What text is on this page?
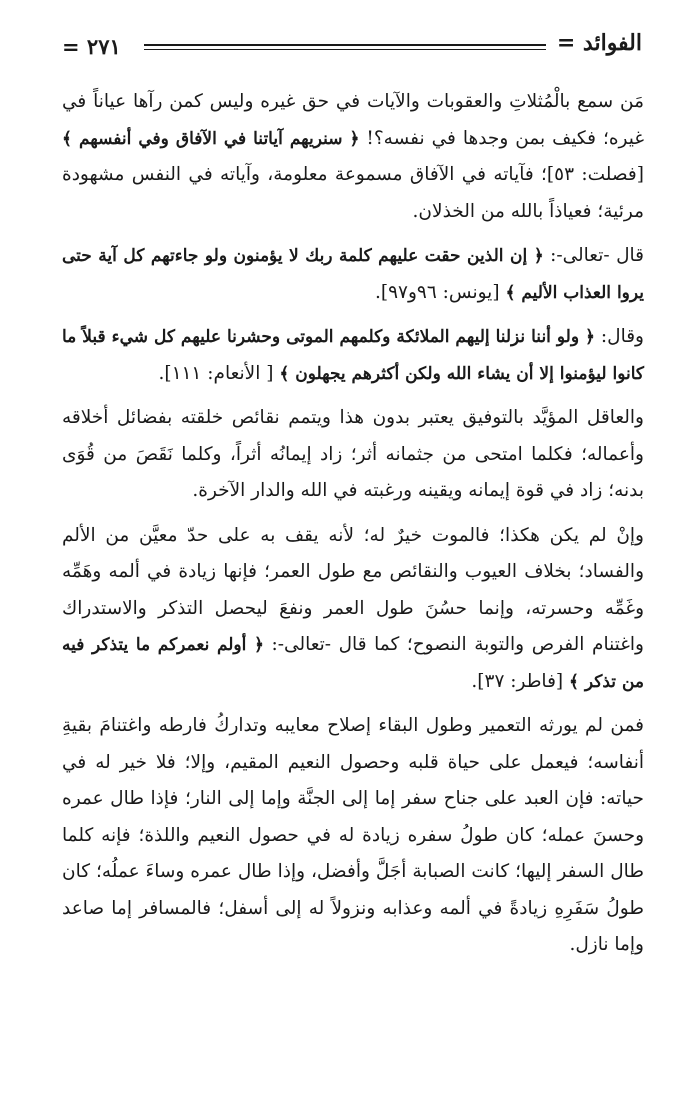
= ٢٧١	الفوائد =

مَن سمع بالْمُثلاتِ والعقوبات والآيات في حق غيره وليس كمن رآها عياناً في غيره؛ فكيف بمن وجدها في نفسه؟! ﴿ سنريهم آياتنا في الآفاق وفي أنفسهم ﴾ [فصلت: ٥٣]؛ فآياته في الآفاق مسموعة معلومة، وآياته في النفس مشهودة مرئية؛ فعياذاً بالله من الخذلان.

قال -تعالى-: ﴿ إن الذين حقت عليهم كلمة ربك لا يؤمنون ولو جاءتهم كل آية حتى يروا العذاب الأليم ﴾ [يونس: ٩٦و٩٧].

وقال: ﴿ ولو أننا نزلنا إليهم الملائكة وكلمهم الموتى وحشرنا عليهم كل شيء قبلاً ما كانوا ليؤمنوا إلا أن يشاء الله ولكن أكثرهم يجهلون ﴾ [ الأنعام: ١١١].

والعاقل المؤيَّد بالتوفيق يعتبر بدون هذا ويتمم نقائص خلقته بفضائل أخلاقه وأعماله؛ فكلما امتحى من جثمانه أثر؛ زاد إيمانُه أثراً، وكلما نَقَصَ من قُوَى بدنه؛ زاد في قوة إيمانه ويقينه ورغبته في الله والدار الآخرة.

وإنْ لم يكن هكذا؛ فالموت خيرٌ له؛ لأنه يقف به على حدّ معيَّن من الألم والفساد؛ بخلاف العيوب والنقائص مع طول العمر؛ فإنها زيادة في ألمه وهَمِّه وغَمِّه وحسرته، وإنما حسُنَ طول العمر ونفعَ ليحصل التذكر والاستدراك واغتنام الفرص والتوبة النصوح؛ كما قال -تعالى-: ﴿ أولم نعمركم ما يتذكر فيه من تذكر ﴾ [فاطر: ٣٧].

فمن لم يورثه التعمير وطول البقاء إصلاح معايبه وتداركُ فارطه واغتنامَ بقيةِ أنفاسه؛ فيعمل على حياة قلبه وحصول النعيم المقيم، وإلا؛ فلا خير له في حياته: فإن العبد على جناح سفر إما إلى الجنَّة وإما إلى النار؛ فإذا طال عمره وحسنَ عمله؛ كان طولُ سفره زيادة له في حصول النعيم واللذة؛ فإنه كلما طال السفر إليها؛ كانت الصبابة أجَلَّ وأفضل، وإذا طال عمره وساءَ عملُه؛ كان طولُ سَفَرِهِ زيادةً في ألمه وعذابه ونزولاً له إلى أسفل؛ فالمسافر إما صاعد وإما نازل.
